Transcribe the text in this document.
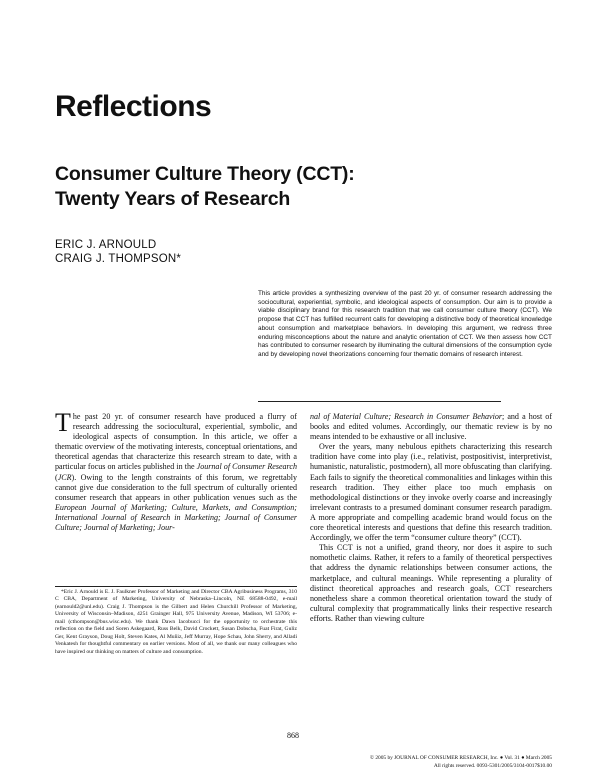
Reflections
Consumer Culture Theory (CCT):
Twenty Years of Research
ERIC J. ARNOULD
CRAIG J. THOMPSON*

This article provides a synthesizing overview of the past 20 yr. of consumer research addressing the sociocultural, experiential, symbolic, and ideological aspects of consumption. Our aim is to provide a viable disciplinary brand for this research tradition that we call consumer culture theory (CCT). We propose that CCT has fulfilled recurrent calls for developing a distinctive body of theoretical knowledge about consumption and marketplace behaviors. In developing this argument, we redress three enduring misconceptions about the nature and analytic orientation of CCT. We then assess how CCT has contributed to consumer research by illuminating the cultural dimensions of the consumption cycle and by developing novel theorizations concerning four thematic domains of research interest.

The past 20 yr. of consumer research have produced a flurry of research addressing the sociocultural, experiential, symbolic, and ideological aspects of consumption. In this article, we offer a thematic overview of the motivating interests, conceptual orientations, and theoretical agendas that characterize this research stream to date, with a particular focus on articles published in the Journal of Consumer Research (JCR). Owing to the length constraints of this forum, we regrettably cannot give due consideration to the full spectrum of culturally oriented consumer research that appears in other publication venues such as the European Journal of Marketing; Culture, Markets, and Consumption; International Journal of Research in Marketing; Journal of Consumer Culture; Journal of Marketing; Jour-

nal of Material Culture; Research in Consumer Behavior; and a host of books and edited volumes. Accordingly, our thematic review is by no means intended to be exhaustive or all inclusive.

Over the years, many nebulous epithets characterizing this research tradition have come into play (i.e., relativist, postpositivist, interpretivist, humanistic, naturalistic, postmodern), all more obfuscating than clarifying. Each fails to signify the theoretical commonalities and linkages within this research tradition. They either place too much emphasis on methodological distinctions or they invoke overly coarse and increasingly irrelevant contrasts to a presumed dominant consumer research paradigm. A more appropriate and compelling academic brand would focus on the core theoretical interests and questions that define this research tradition. Accordingly, we offer the term “consumer culture theory” (CCT).

This CCT is not a unified, grand theory, nor does it aspire to such nomothetic claims. Rather, it refers to a family of theoretical perspectives that address the dynamic relationships between consumer actions, the marketplace, and cultural meanings. While representing a plurality of distinct theoretical approaches and research goals, CCT researchers nonetheless share a common theoretical orientation toward the study of cultural complexity that programmatically links their respective research efforts. Rather than viewing culture

*Eric J. Arnould is E. J. Faulkner Professor of Marketing and Director CBA Agribusiness Programs, 310 C CBA, Department of Marketing, University of Nebraska–Lincoln, NE 68588-0492, e-mail (earnould2@unl.edu). Craig J. Thompson is the Gilbert and Helen Churchill Professor of Marketing, University of Wisconsin–Madison, 4251 Grainger Hall, 975 University Avenue, Madison, WI 53706; e-mail (cthompson@bus.wisc.edu). We thank Dawn Iacobucci for the opportunity to orchestrate this reflection on the field and Soren Askegaard, Russ Belk, David Crockett, Susan Dobscha, Fuat Firat, Guliz Ger, Kent Grayson, Doug Holt, Steven Kates, Al Muñiz, Jeff Murray, Hope Schau, John Sherry, and Alladi Venkatesh for thoughtful commentary on earlier versions. Most of all, we thank our many colleagues who have inspired our thinking on matters of culture and consumption.

868
© 2005 by JOURNAL OF CONSUMER RESEARCH, Inc. ● Vol. 31 ● March 2005
All rights reserved. 0093-5301/2005/3104-0017$10.00
